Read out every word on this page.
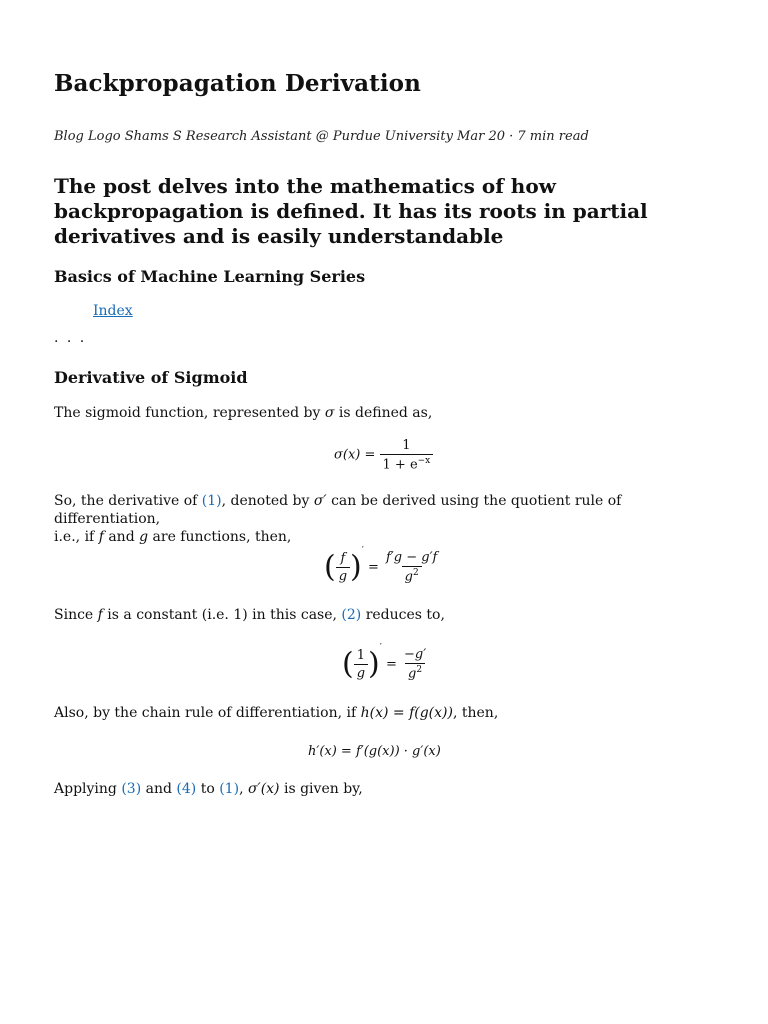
Backpropagation Derivation

Blog Logo Shams S Research Assistant @ Purdue University Mar 20 · 7 min read

The post delves into the mathematics of how backpropagation is defined. It has its roots in partial derivatives and is easily understandable

Basics of Machine Learning Series
Index
. . .
Derivative of Sigmoid

The sigmoid function, represented by σ is defined as,

$\sigma(x) = \frac{1}{1 + e^{-x}}$

So, the derivative of (1), denoted by σ′ can be derived using the quotient rule of differentiation,
i.e., if f and g are functions, then,

( $\frac{f}{g} )' = \frac{f'g - g'f}{g^2}$

Since f is a constant (i.e. 1) in this case, (2) reduces to,

( $\frac{1}{g} )' = \frac{-g'}{g^2}$

Also, by the chain rule of differentiation, if h(x) = f(g(x)), then,

h′(x) = f′(g(x)) · g′(x)

Applying (3) and (4) to (1), σ′(x) is given by,
